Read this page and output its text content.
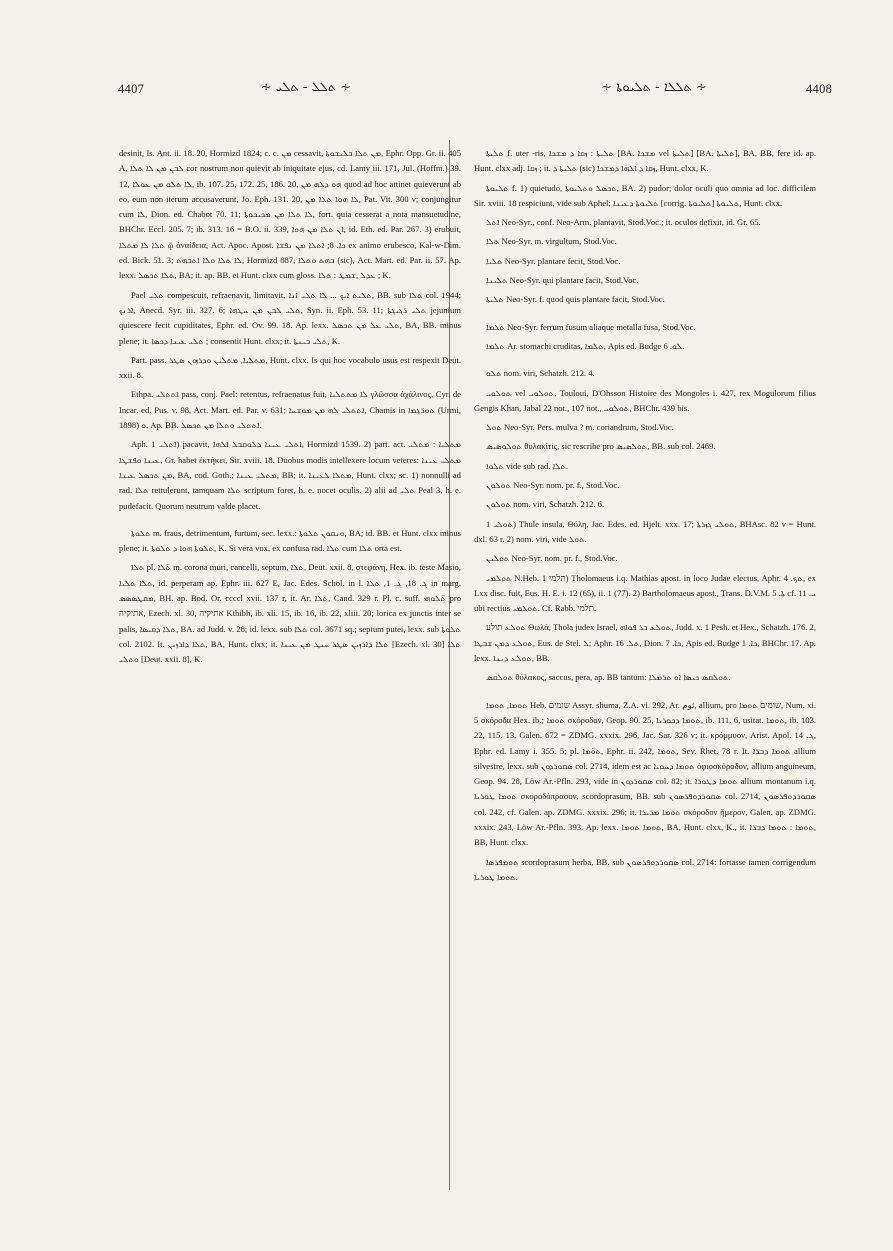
4407	∻ ܬܠܠ - ܬܠܝ ∻	∻ ܬܠܠܐ - ܬܠܝܘܬܐ ∻	4408

desinit, Is. Ant. ii. 18. 20, Hormizd 1824; c. c. ܡܢ cessavit, ܡܢ ܬܠܐ ܒܠܝܫܘܬܐ, Ephr. Opp. Gr. ii. 405 A, ܠܒܢ ܡܢ ܠܐ ܬܠܐ cor nostrum non quievit ab iniquitate ejus, cd. Lamy iii. 171, Jul. (Hoffm.) 39. 12, ܠܐ ܬܠܘ ܡܢ ܥܘܠܐ, ib. 107. 25, 172. 25, 186. 20, ܗܘ ܕܠܗ ܡܢ quod ad hoc attinet quieverunt ab eo, eum non iterum accusaverunt, Jo. Eph. 131. 20, ܠܐ ܗܘܐ ܬܠܐ ܡܢ, Pat. Vit. 300 v; conjungitur cum ܠܐ, Dion. ed. Chabot 70. 11; ܠܐ ܬܠܐ ܡܢ ܡܟܝܟܘܬܐ, fort. quia cesserat a nota mansuetudine, BHChr. Eccl. 205. 7; ib. 313. 16 = B.O. ii. 339, ܐܢ ܬܠܐ ܡܢ ܗܘܐ, id. Eth. ed. Par. 267. 3) erubuit, ܬܠܐ ܠܐ ܡܬܠܐ ῷ ἀναίδεια, Act. Apoc. Apost. ܟܐ. 8; ܐܬܠܐ ܡܢ ܢܦܫܐ ex animo erubesco, Kal-w-Dim. ed. Bick. 51. 3; ܠܐ ܬܠܐ ܘܠܐ ܐܬܒܗܬ, Hormizd 887, ܒܗܬ ܘܬܠܐ (sic), Act. Mart. ed. Par. ii. 57. Ap. lexx. ܬܠܐ ܬܟܣܠ, BA; it. ap. BB. et Hunt. clxx cum gloss. ܥܕܠ ,ܫܡܛ : ܬܠܐ ; K.

Pael ܬܠܝ compescuit, refraenavit, limitavit, ܬܠܝܬ ܐܝܟ ... ܠܐ ܬܠܝ ܐܢܐ, BB. sub ܬܠܐ col. 1944; ܐܪܢܟ, Anecd. Syr. iii. 327. 6; ܬܠܝ ܠܒܢ ܡܢ ܚܛܗܐ, Syn. ii. Eph. 53. 11; ܬܠܝ ܪ̈ܓܝܓܬܐ jejunium quiescere fecit cupiditates, Ephr. ed. Ov. 99. 18. Ap. lexx. ܬܠܝ ܥܠ ܡܢ ܬܟܣܠ, BA, BB. minus plene; it. ܬܠܝ ܥܝܢܐ ܕܟܣܐ ; consentit Hunt. clxx; it. ܬܠܝ ܒܝܢܬܐ, K.

Part. pass. ܡܬܠܝܐ, ܡܬܠܝܢ ܘܕܪܙܘܢ ܣܛܪ, Hunt. clxx. Is qui hoc vocabulo usus est respexit Deut. xxii. 8.

Ethpa. ܐܬܬܠܝ pass, conj. Pael: retentus, refraenatus fuit, ܠܐ ܡܬܬܠܝܐ γλῶσσα ἀχάλινος, Cyr. de Incar. ed. Pus. v. 98, Act. Mart. ed. Par. v. 631; ܐܬܬܠܝ ܠܗ ܡܢ ܡܘܫܚܐ, Chamis in ܬܘܪ̈ܓܡܐ (Urmi, 1898) ܘ. Ap. BB. ܐܬܬܠܝ ܘܬܠܐ ܡܢ ܬܟܣܠ.

Aph. ܐܬܠܝ 1) pacavit, ܐܬܠܝ ܥܝܢܐ ܕܠܘܩܒܠ ܐܠܗܐ, Hormizd 1539. 2) part. act. ܡܬܠܝܐ : ܡܬܠܝ ܥܝܢܐ ܘܦܫܛܐ, Gr. habet ἐκτήκει, Sir. xviii. 18. Duobus modis intellexere locum veteres: ܡܬܠܝ ܥܝܢܐ ܡܢ ܬܟܣܠ ܥܝܢܐ, BA, cod. Goth.; ܡܬܠܝ ܥܝܢܐ, BB; it. ܡܬܠܐ ܠܥܝܢܐ, Hunt. clxx; sc. 1) nonnulli ad rad. ܬܠܐ rettulerunt, tamquam ܬܠܐ scriptum foret, h. e. nocet oculis. 2) alii ad ܬܠܝ Peal 3, h. e. pudefacit. Quorum neutrum valde placet.

ܬܠܘܬܐ m. fraus, detrimentum, furtum, sec. lexx.: ܘܢܩܘܢ ܬܠܘܬܐ, BA; id. BB. et Hunt. clxx minus plene; it. ܬܠܘܬܐ ܗܘܐ ܕ ܬܠܘܬܐ, K. Si vera vox, ex confusa rad. ܬܠܐ cum ܬܠܐ orta est.

ܬܠܐ pl. ܬ̈ܠܐ m. corona muri, cancelli, septum, ܬܠܐ, Deut. xxii. 8, στεφάνη, Hex. ib. teste Masio, ܬܠܐ ܬܠܝܐ, id. perperam ap. Ephr. iii. 627 E, Jac. Edes. Schol. in l. ܓ. 18, ܓ. 1, ܬܠܐ in marg. ܡܩܛܣܣܣ, BH. ap. Bod. Or. ccccl xvii. 137 r, it. Ar. ܬܠܐ, Cand. 329 r. Pl. c. suff. ܬ̈ܠܘܗܝ pro אתיקיה, Ezech. xl. 30, אתיקיה Kthibh, ib. xli. 15, ib. 16, ib. 22, xliii. 20; lorica ex junctis inter se palis, ܬܠܐ ܕܩܝܣܐ, BA. ad Judd. v. 28; id. lexx. sub ܬܠܐ col. 3671 sq.; septum putei, lexx. sub ܬܠܘܬܐ col. 2102. It. ܬܠܐ ܕܐܪܙܝܢ, BA, Hunt. clxx; it. ܬܠܐ ܕܐܪܙܝܢ ܣܛܪ ܚܝܛ ܡܢ ܥܝܢܐ [Ezech. xl. 30] ܬܠܐ ܘܬܠܝ [Deut. xxii. 8], K.

ܬܠܝܬܐ f. uter -ris, ܬܠܝܬܐ : ܙܩܐ ܕ ܡܫܟܐ [BA. ܡܫܟܐ vel ܬܠܝܬܐ] [BA. ܬܠܝܬܐ], BA, BB, fere id. ap. Hunt. clxx adj. ܙܩܐ ; it. ܬܠܝܬܐ ܕ (sic) ܙܩܐ ܕ ܐܠܗܐ ܕܡܫܟܐ, Hunt. clxx, K.

ܬܠܝܘܬܐ f. 1) quietudo, ܬܟܣܠ ܘܬܠܝܘܬܐ, BA. 2) pudor; dolor oculi quo omnia ad loc. difficilem Sir. xviii. 18 respiciunt, vide sub Aphel; ܬܠܝܘܬܐ ܕܥܝܢܐ [corrig. ܬܠܝܘܬܐ] ܬܠܝܘܬܐ, Hunt. clxx.

ܐܬܠ Neo-Syr., conf. Neo-Arm. plantavit, Stod.Voc.; it. oculos defixit, id. Gr. 65.

ܬܠܐ Neo-Syr. m. virgultum, Stod.Voc.

ܬܠܝܐ Neo-Syr. plantare fecit, Stod.Voc.

ܬܠܝܢܐ Neo-Syr. qui plantare facit, Stod.Voc.

ܬܠܝܬܐ Neo-Syr. f. quod quis plantare facit, Stod.Voc.

ܬܠܡܐ Neo-Syr. ferrum fusum aliaque metalla fusa, Stod.Voc.

ܬܠܡܐ Ar. stomachi cruditas, ܬܠܡܐ, Apis ed. Budge ܠܘ. 6.

ܬܠܘ nom. viri, Schatzh. 212. 4.

ܬܘܠܘܝ vel ܬܘܠܘܝ, Touloui, D'Ohsson Histoire des Mongoles i. 427, rex Mogulorum filius Gengis Khan, Jabal 22 not., 107 not., ܬܘܠܘܝ, BHChr. 439 bis.

ܬܘܠ Neo-Syr. Pers. mulva ? m. coriandrum, Stod.Voc.

ܬܘܠܘܣܝܣ θυλακίτις, sic rescribe pro ܬܘܠܣܝܣ, BB. sub col. 2469.

ܬܠܘܐ vide sub rad. ܬܠܐ.

ܬܘܠܘܢ Neo-Syr. nom. pr. f., Stod.Voc.

ܬܘܠܘܢ nom. viri, Schatzh. 212. 6.

ܬܘܠܝ 1) Thule insula, Θύλη, Jac. Edes. ed. Hjelt. xxx. 17; ܬܘܠܝ ܓܙܪܬܐ, BHAsc. 82 v = Hunt. dxl. 63 r. 2) nom. viri, vide ܬܘܠ.

ܬܘܠܝܢ Neo-Syr. nom. pr. f., Stod.Voc.

ܬܘܠܡܝ N.Heb. תלמי 1) Tholomaeus i.q. Mathias apost. in loco Judae electus, Aphr. ܬܟ. 4, ex Lxx disc. fuit, Eus. H. E. i. 12 (65), ii. 1 (77). 2) Bartholomaeus apost., Trans. D.V.M. ܬܐ. 5 cf. ܝ. 11 ubi rectius ܬܘܠܡܝ. Cf. Rabb. תלמי.

ܬܘܠܥ תולע Θωλά, Thola judex Israel, ܬܘܠܥ ܒܪ ܦܘܐܗ, Judd. x. 1 Pesh. et Hex., Schatzh. 176. 2, ܬܘܠܥ ܕܡܢ ܫܒܛܐ, Eus. de Stel. ܠ; Aphr. ܬܠ. 16, Dion. ܟܐ. 7, Apis ed. Budge ܟܐ. 1, BHChr. 17. Ap. lexx. ܬܘܠܥ ܕܝܢܐ, BB.

ܬܘܠܩܣ θύλακος, saccus, pera, ap. BB tantum: ܬܘܠܩܣ ܟܝܣܐ ܐܘ ܬܪܡܠܐ.

ܬܘܡܐ, ܬܘܡܐ Heb. שומים Assyr. shuma, Z.A. vi. 292, Ar. ثوم, allium, pro שומים ܬܘܡܐ, Num. xi. 5 σκόροδα Hex. ib.; ܬܘܡܐ σκόροδον, Geop. 90. 25, ܬܘܡܐ ܕܟܘܪܝܐ, ib. 111. 6, usitat. ܬܘܡܐ, ib. 103. 22, 115. 13, Galen. 672 = ZDMG. xxxix. 296, Jac. Sar. 326 v; it. κρόμμυον, Arist. Apol. ܓ. 14, Ephr. ed. Lamy i. 355. 5; pl. ܬܘ̈ܡܐ, Ephr. ii. 242, ܬܘܡܐ, Sev. Rhet. 78 r. It. ܬܘܡܐ ܕܒܪܐ allium silvestre, lexx. sub ܣܩܘܪܕܘܢ col. 2714, idem est ac ܬܘܡܐ ܕܚܘܝܐ ὀφιοσκόροδον, allium anguineum, Geop. 94. 28, Löw Ar.-Pfln. 293, vide in ܣܩܘܪܕܘܢ col. 82; it. ܬܘܡܐ ܕܛܘܪܐ allium montanum i.q. ܬܘܡܐ ܛܘܪܝܐ σκοροδόπρασον, scordoprasum, BB. sub ܣܩܘܪܕܘܦܪܣܘܢ col. 2714, ܣܩܘܪܕܘܦܪܣܘܢ col. 242, cf. Galen. ap. ZDMG. xxxix. 296; it. ܬܘܡܐ ܡܪܝܪܐ σκόροδον ἥμερον, Galen. ap. ZDMG. xxxix. 243, Löw Ar.-Pfln. 393. Ap. lexx. ܬܘܡܐ ܬܘܡܐ, BA, Hunt. clxx, K., it. ܬܘܡܐ : ܬܘܡܐ ܕܒܪܐ, BB, Hunt. clxx.

ܬܘܡܦܪܣܐ scordoprasum herba, BB. sub ܣܩܘܪܕܘܦܪܣܘܢ col. 2714: fortasse tamen corrigendum ܬܘܡܐ ܛܘܪܝܐ.
